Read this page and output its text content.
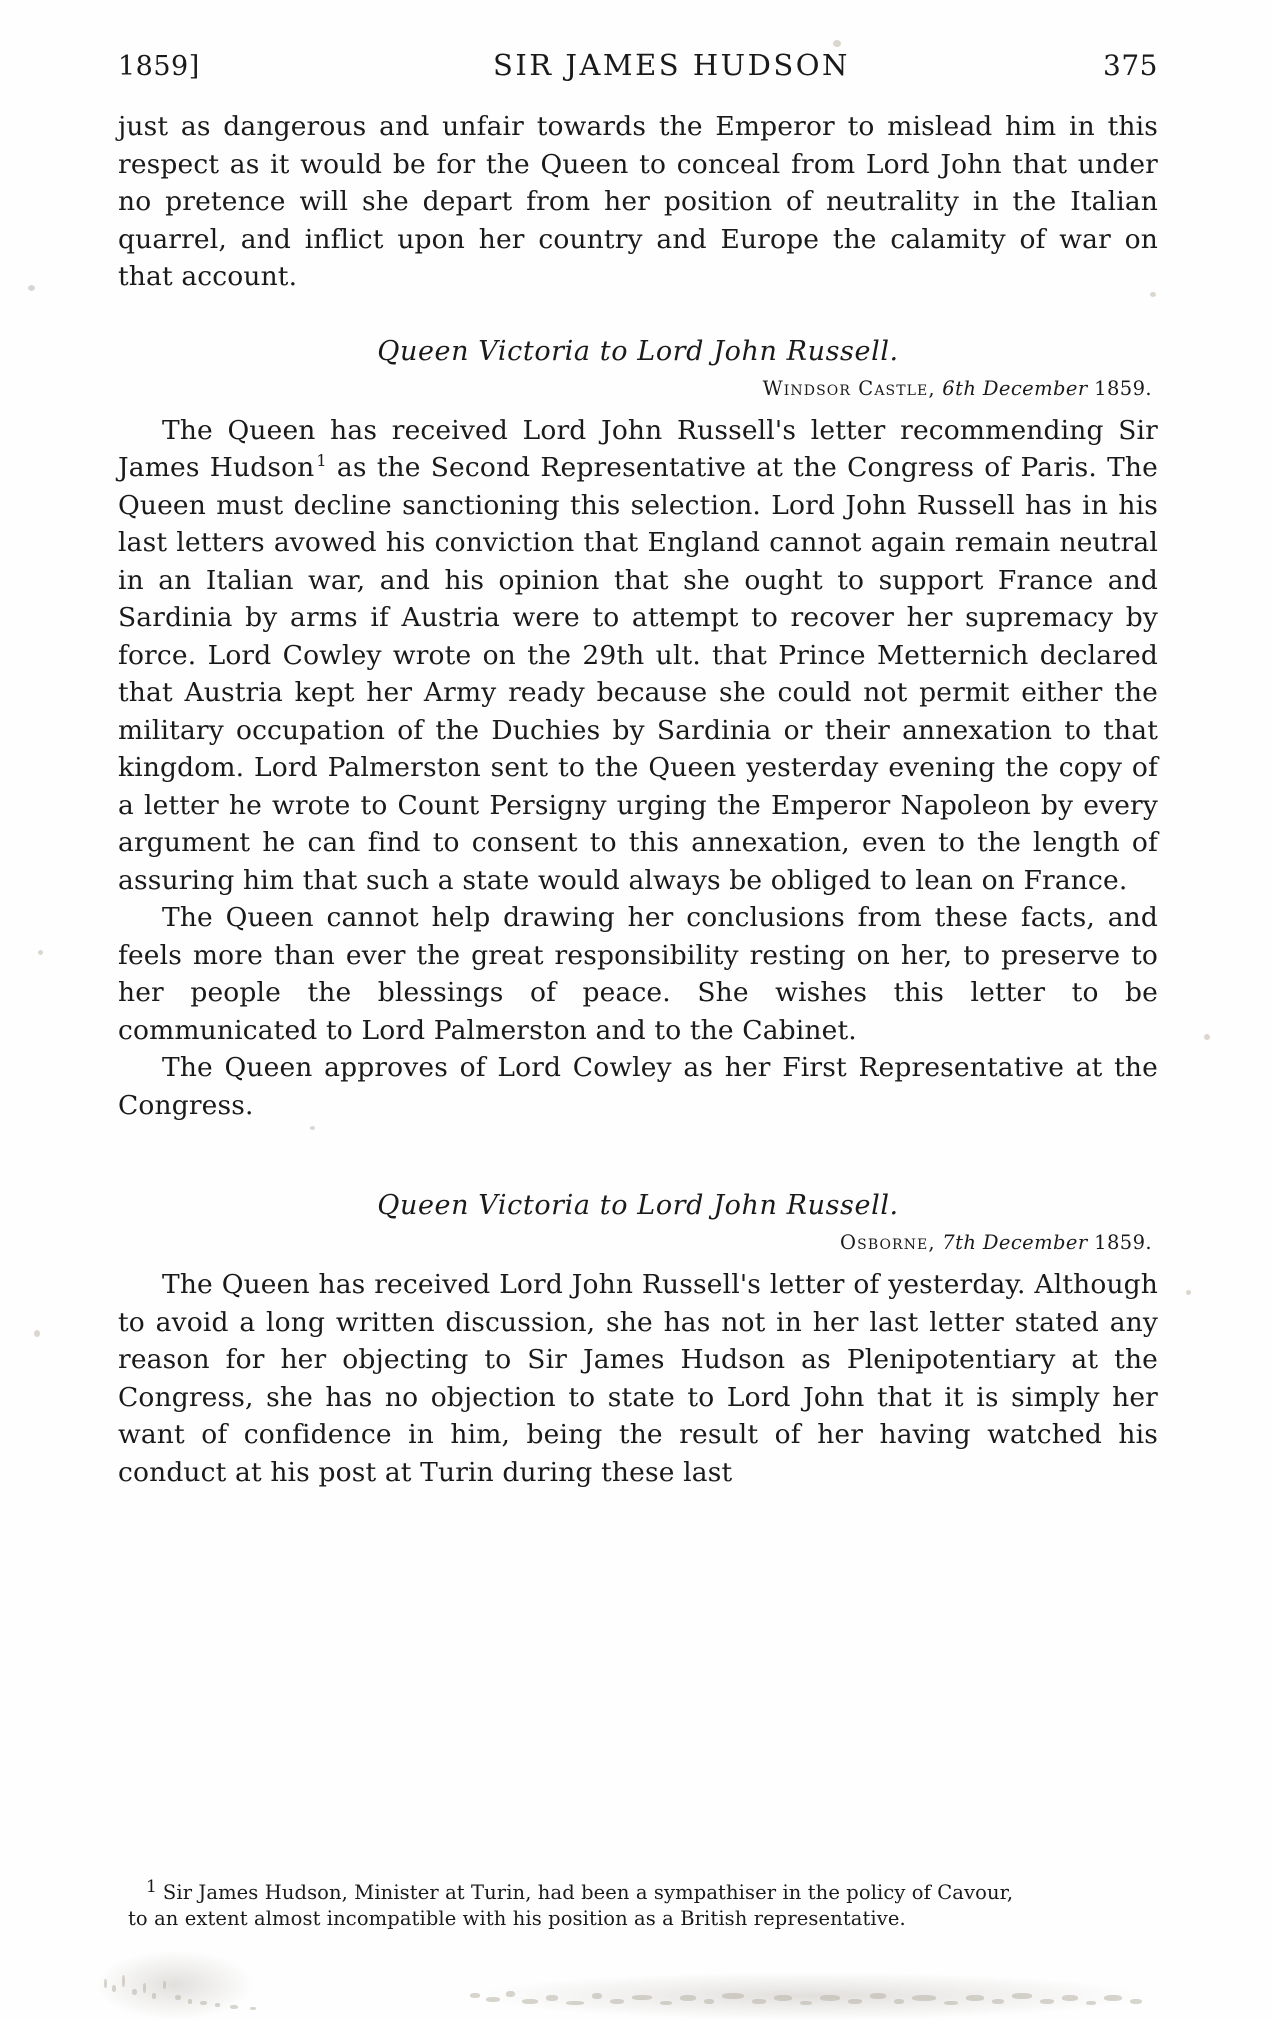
1859]	SIR JAMES HUDSON	375

just as dangerous and unfair towards the Emperor to mislead him in this respect as it would be for the Queen to conceal from Lord John that under no pretence will she depart from her position of neutrality in the Italian quarrel, and inflict upon her country and Europe the calamity of war on that account.

Queen Victoria to Lord John Russell.
Windsor Castle, 6th December 1859.

The Queen has received Lord John Russell's letter recommending Sir James Hudson $^1$ as the Second Representative at the Congress of Paris. The Queen must decline sanctioning this selection. Lord John Russell has in his last letters avowed his conviction that England cannot again remain neutral in an Italian war, and his opinion that she ought to support France and Sardinia by arms if Austria were to attempt to recover her supremacy by force. Lord Cowley wrote on the 29th ult. that Prince Metternich declared that Austria kept her Army ready because she could not permit either the military occupation of the Duchies by Sardinia or their annexation to that kingdom. Lord Palmerston sent to the Queen yesterday evening the copy of a letter he wrote to Count Persigny urging the Emperor Napoleon by every argument he can find to consent to this annexation, even to the length of assuring him that such a state would always be obliged to lean on France.

The Queen cannot help drawing her conclusions from these facts, and feels more than ever the great responsibility resting on her, to preserve to her people the blessings of peace. She wishes this letter to be communicated to Lord Palmerston and to the Cabinet.

The Queen approves of Lord Cowley as her First Representative at the Congress.

Queen Victoria to Lord John Russell.
Osborne, 7th December 1859.

The Queen has received Lord John Russell's letter of yesterday. Although to avoid a long written discussion, she has not in her last letter stated any reason for her objecting to Sir James Hudson as Plenipotentiary at the Congress, she has no objection to state to Lord John that it is simply her want of confidence in him, being the result of her having watched his conduct at his post at Turin during these last

1 Sir James Hudson, Minister at Turin, had been a sympathiser in the policy of Cavour,

to an extent almost incompatible with his position as a British representative.
